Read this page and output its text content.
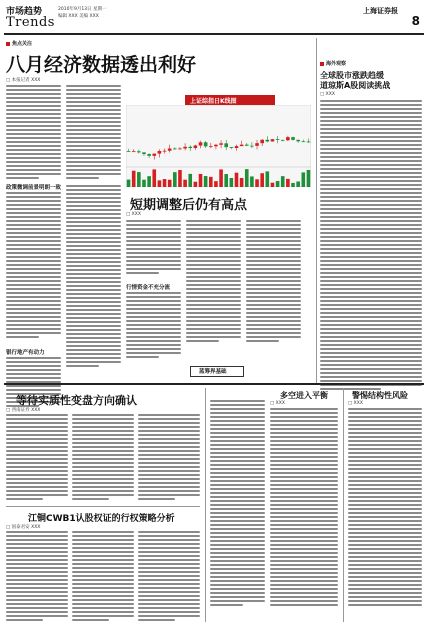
市场趋势
Trends
2010年9月13日 星期一
编辑 XXX 美编 XXX
上海证券报
8
焦点关注
八月经济数据透出利好
□ 本报记者 XXX
政策微调前景明朗一致
银行地产有动力
行情资金不充分流
上证综指日K线图
短期调整后仍有高点
□ XXX
海外观察
全球股市涨跌趋缓
道琼斯A股阅读挑战
□ XXX
蓝筹界基础
等待实质性变盘方向确认
□ 西南证券 XXX
江铜CWB1认股权证的行权策略分析
□ 国泰君安 XXX
多空进入平衡
□ XXX
警惕结构性风险
□ XXX
